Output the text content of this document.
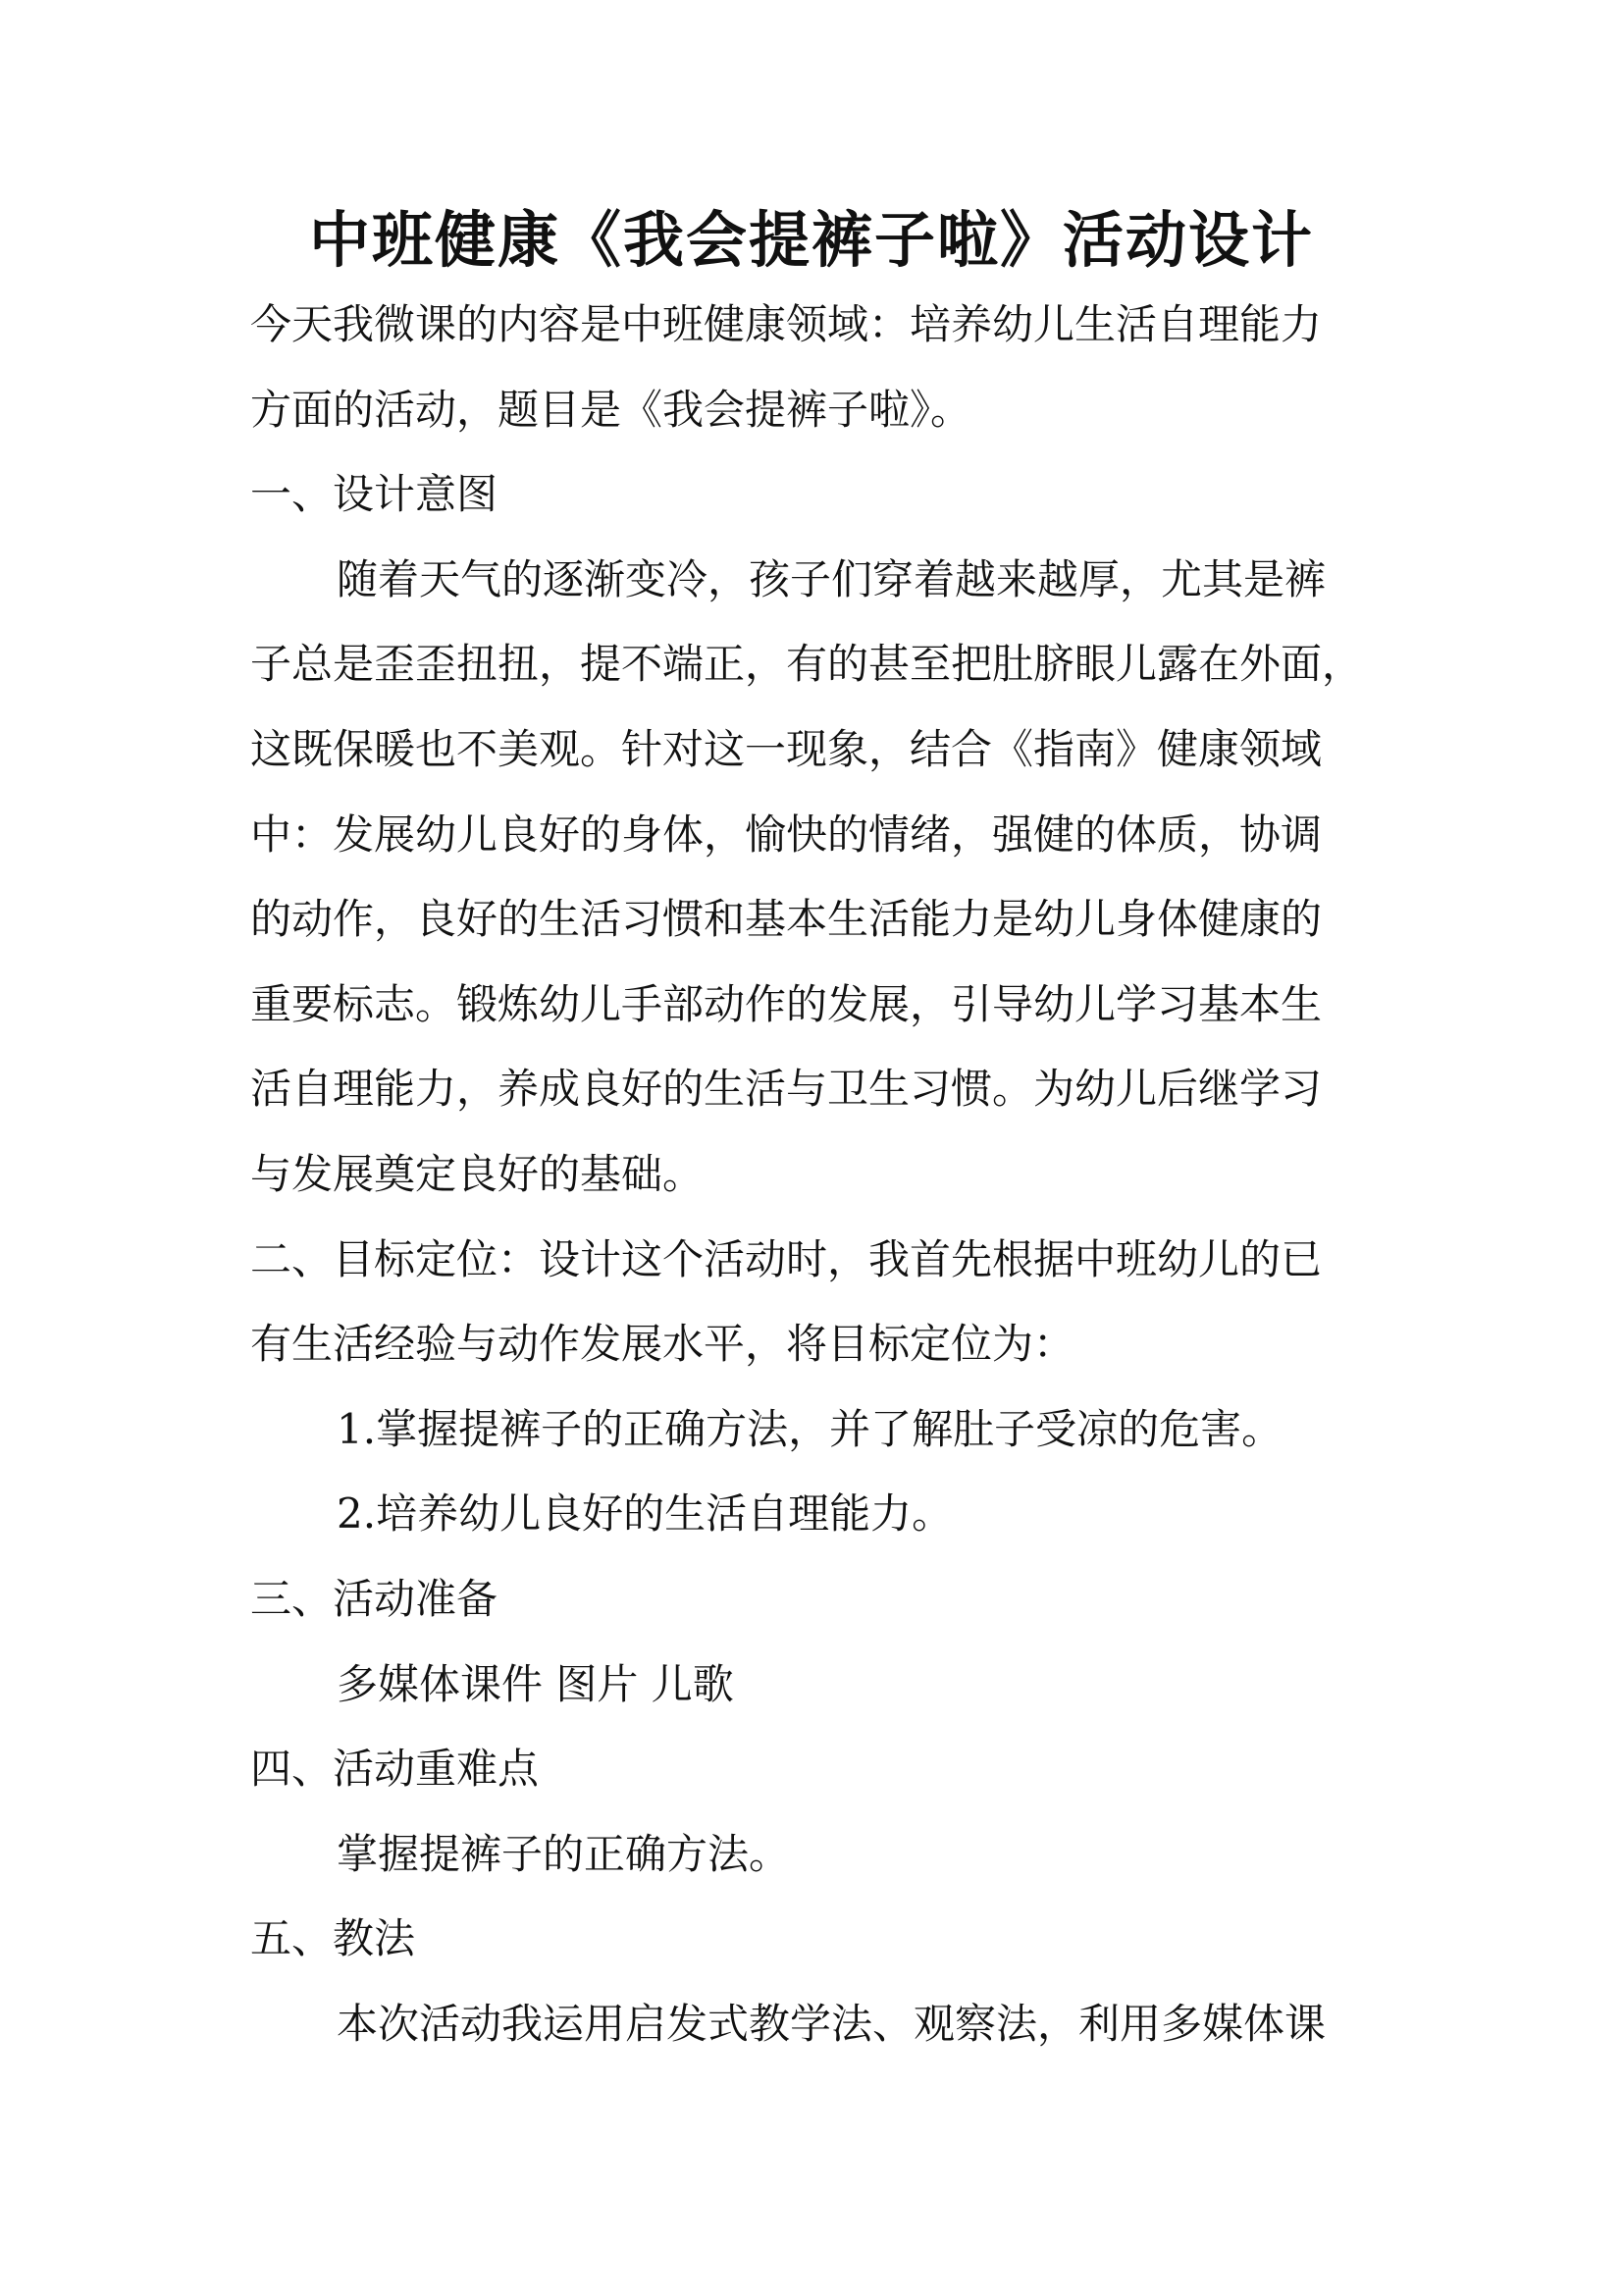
中班健康《我会提裤子啦》活动设计
今天我微课的内容是中班健康领域：培养幼儿生活自理能力
方面的活动，题目是《我会提裤子啦》。
一、设计意图
随着天气的逐渐变冷，孩子们穿着越来越厚，尤其是裤
子总是歪歪扭扭，提不端正，有的甚至把肚脐眼儿露在外面，
这既保暖也不美观。针对这一现象，结合《指南》健康领域
中：发展幼儿良好的身体，愉快的情绪，强健的体质，协调
的动作，良好的生活习惯和基本生活能力是幼儿身体健康的
重要标志。锻炼幼儿手部动作的发展，引导幼儿学习基本生
活自理能力，养成良好的生活与卫生习惯。为幼儿后继学习
与发展奠定良好的基础。
二、目标定位：设计这个活动时，我首先根据中班幼儿的已
有生活经验与动作发展水平，将目标定位为：
1.掌握提裤子的正确方法，并了解肚子受凉的危害。
2.培养幼儿良好的生活自理能力。
三、活动准备
多媒体课件 图片 儿歌
四、活动重难点
掌握提裤子的正确方法。
五、教法
本次活动我运用启发式教学法、观察法，利用多媒体课
